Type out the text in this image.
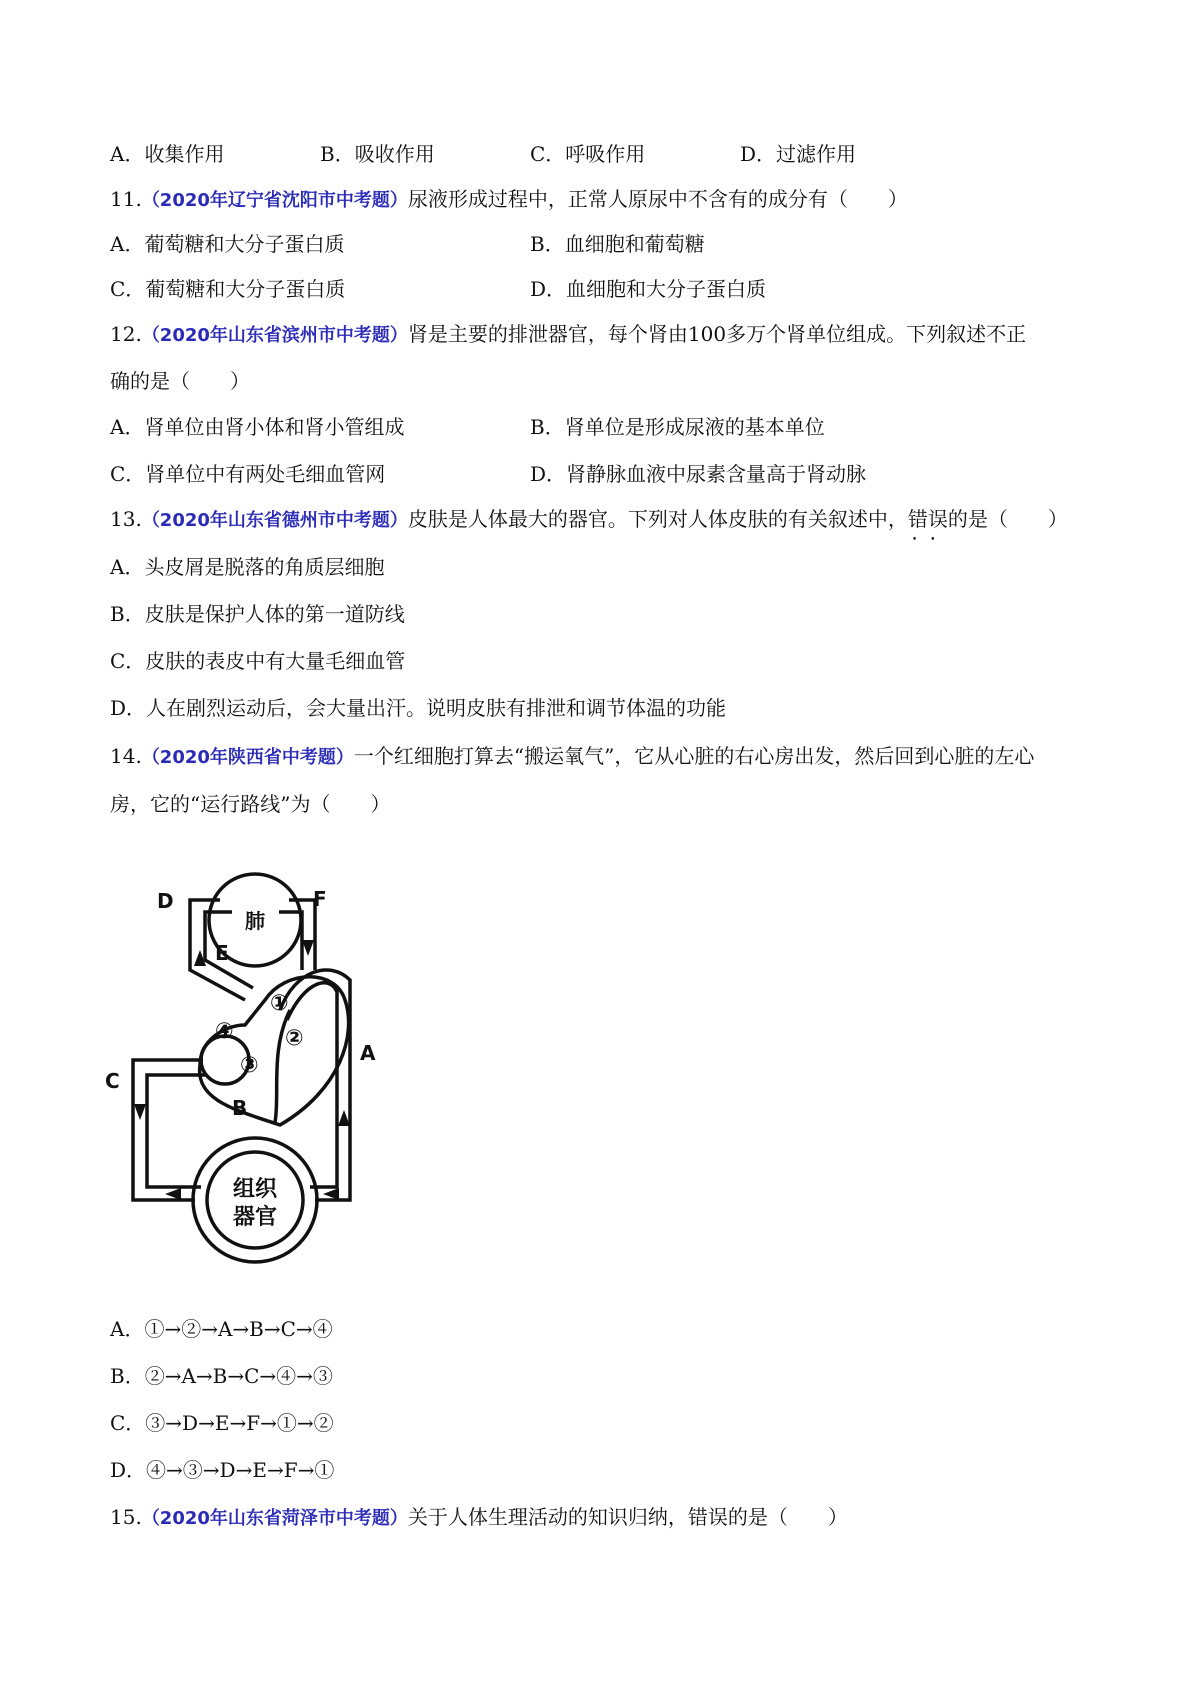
A．收集作用	B．吸收作用	C．呼吸作用	D．过滤作用
11.（2020年辽宁省沈阳市中考题）尿液形成过程中，正常人原尿中不含有的成分有（　　）
A．葡萄糖和大分子蛋白质	B．血细胞和葡萄糖
C．葡萄糖和大分子蛋白质	D．血细胞和大分子蛋白质
12.（2020年山东省滨州市中考题）肾是主要的排泄器官，每个肾由100多万个肾单位组成。下列叙述不正
确的是（　　）
A．肾单位由肾小体和肾小管组成	B．肾单位是形成尿液的基本单位
C．肾单位中有两处毛细血管网	D．肾静脉血液中尿素含量高于肾动脉
13.（2020年山东省德州市中考题）皮肤是人体最大的器官。下列对人体皮肤的有关叙述中，错误 • •的是（　　）
A．头皮屑是脱落的角质层细胞
B．皮肤是保护人体的第一道防线
C．皮肤的表皮中有大量毛细血管
D．人在剧烈运动后，会大量出汗。说明皮肤有排泄和调节体温的功能
14.（2020年陕西省中考题）一个红细胞打算去“搬运氧气”，它从心脏的右心房出发，然后回到心脏的左心
房，它的“运行路线”为（　　）
肺
组织
器官
D
E
F
A
B
C
①
②
③
④
A．①→②→A→B→C→④
B．②→A→B→C→④→③
C．③→D→E→F→①→②
D．④→③→D→E→F→①
15.（2020年山东省菏泽市中考题）关于人体生理活动的知识归纳，错误的是（　　）
